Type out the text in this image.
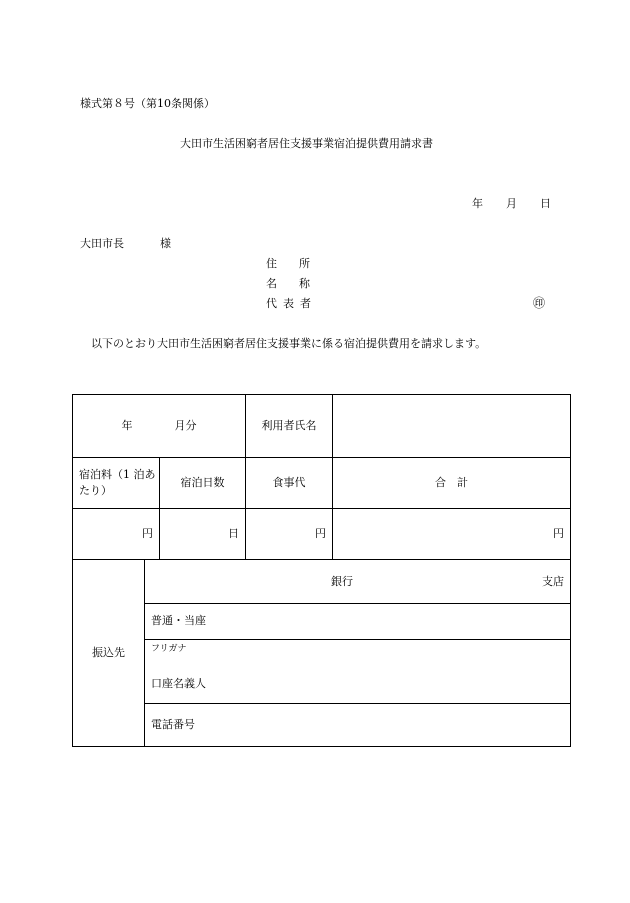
様式第８号（第10条関係）
大田市生活困窮者居住支援事業宿泊提供費用請求書
年 月 日
大田市長	様
住所
名称
代表者	㊞
以下のとおり大田市生活困窮者居住支援事業に係る宿泊提供費用を請求します。
年 月分			利用者氏名	

宿泊料（1 泊あ
たり）		宿泊日数	食事代	合　計
円		日	円	円
振込先	銀行 支店			

	普通・当座			

	フリガナ
口座名義人			

	電話番号			
